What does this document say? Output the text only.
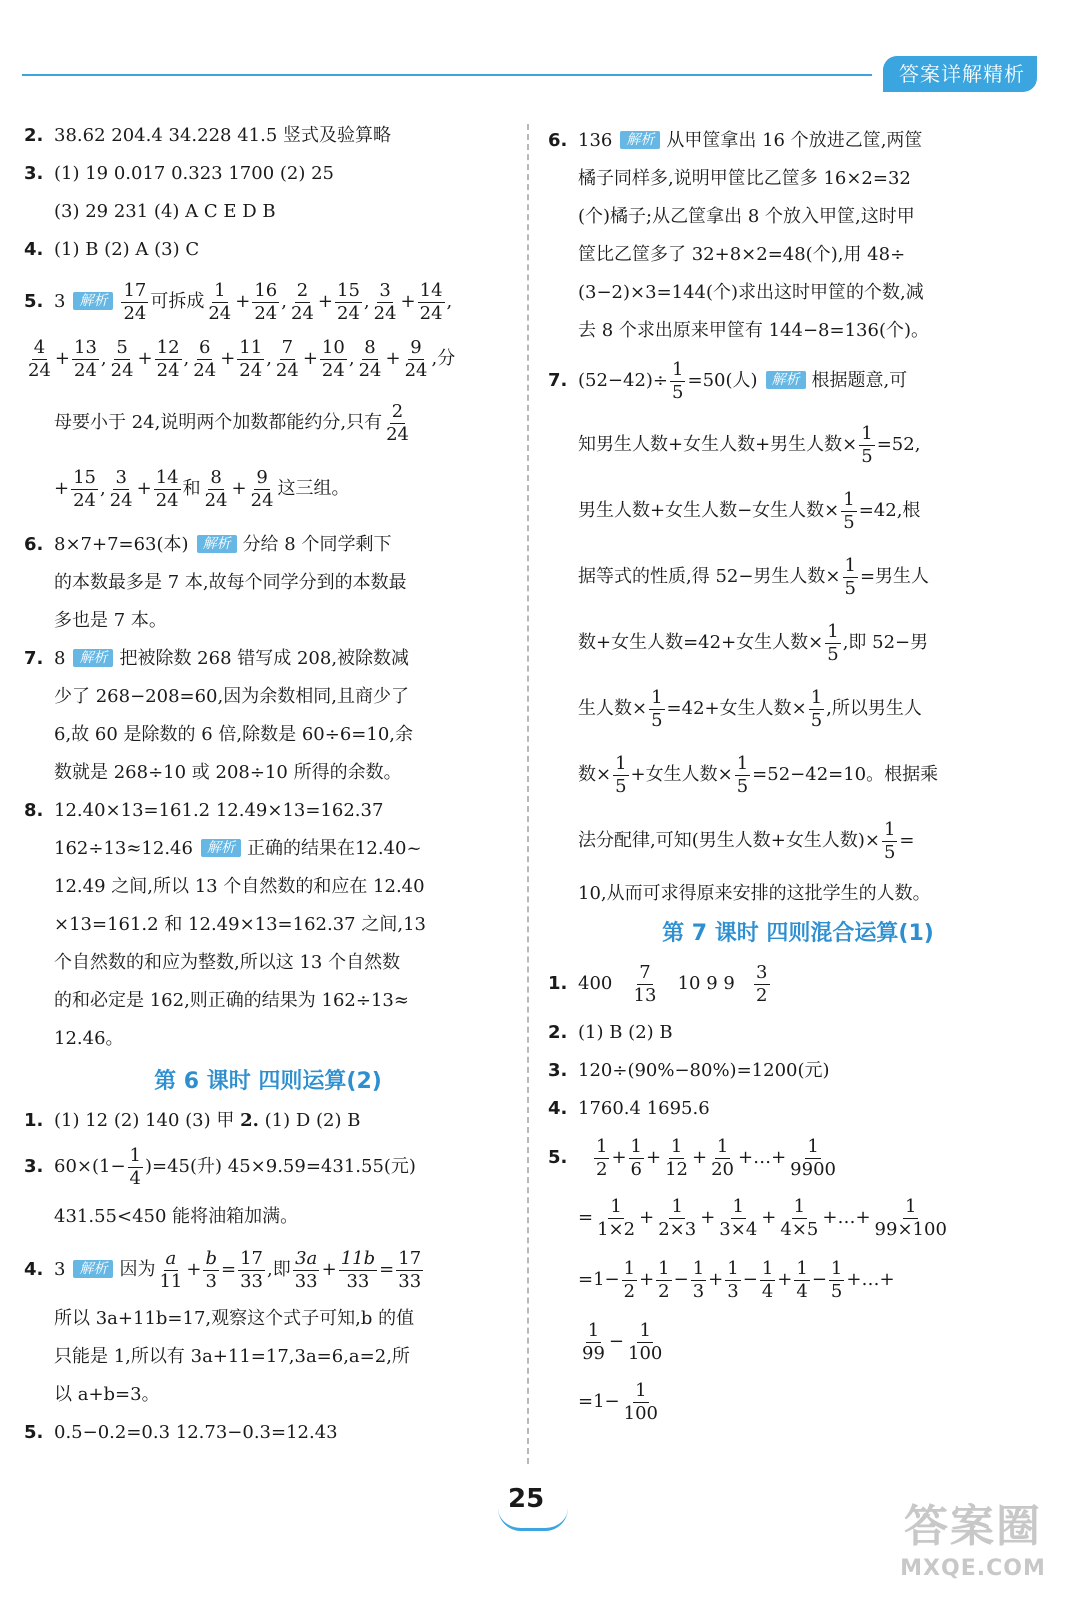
答案详解精析
2. 38.62 204.4 34.228 41.5 竖式及验算略
3. (1) 19 0.017 0.323 1700 (2) 25
(3) 29 231 (4) A C E D B
4. (1) B (2) A (3) C
5. 3 解析 $\frac{17}{24}$ 可拆成 $\frac{1}{24} + \frac{16}{24}$ , $\frac{2}{24} + \frac{15}{24}$ , $\frac{3}{24} + \frac{14}{24}$ ,
$\frac{4}{24} + \frac{13}{24}$ , $\frac{5}{24} + \frac{12}{24}$ , $\frac{6}{24} + \frac{11}{24}$ , $\frac{7}{24} + \frac{10}{24}$ , $\frac{8}{24} + \frac{9}{24}$ ,分
母要小于 24,说明两个加数都能约分,只有 $\frac{2}{24}$
+ $\frac{15}{24}$ , $\frac{3}{24} + \frac{14}{24}$ 和 $\frac{8}{24} + \frac{9}{24}$ 这三组。
6. 8×7+7=63(本) 解析 分给 8 个同学剩下
的本数最多是 7 本,故每个同学分到的本数最
多也是 7 本。
7. 8 解析 把被除数 268 错写成 208,被除数减
少了 268−208=60,因为余数相同,且商少了
6,故 60 是除数的 6 倍,除数是 60÷6=10,余
数就是 268÷10 或 208÷10 所得的余数。
8. 12.40×13=161.2 12.49×13=162.37
162÷13≈12.46 解析 正确的结果在12.40~
12.49 之间,所以 13 个自然数的和应在 12.40
×13=161.2 和 12.49×13=162.37 之间,13
个自然数的和应为整数,所以这 13 个自然数
的和必定是 162,则正确的结果为 162÷13≈
12.46。
第 6 课时 四则运算(2)
1. (1) 12 (2) 140 (3) 甲 2. (1) D (2) B
3. $60\times(1- \frac{1}{4} )=45$(升) 45×9.59=431.55(元)
431.55<450 能将油箱加满。
4. 3 解析 因为 $\frac{a}{11} + \frac{b}{3} = \frac{17}{33}$ ,即 $\frac{3a}{33} + \frac{11b}{33} = \frac{17}{33}$
所以 3a+11b=17,观察这个式子可知,b 的值
只能是 1,所以有 3a+11=17,3a=6,a=2,所
以 a+b=3。
5. 0.5−0.2=0.3 12.73−0.3=12.43
6. 136 解析 从甲筐拿出 16 个放进乙筐,两筐
橘子同样多,说明甲筐比乙筐多 16×2=32
(个)橘子;从乙筐拿出 8 个放入甲筐,这时甲
筐比乙筐多了 32+8×2=48(个),用 48÷
(3−2)×3=144(个)求出这时甲筐的个数,减
去 8 个求出原来甲筐有 144−8=136(个)。
7. $(52-42)\div \frac{1}{5} =50$(人) 解析 根据题意,可
知男生人数+女生人数+男生人数× $\frac{1}{5} =52$,
男生人数+女生人数−女生人数× $\frac{1}{5} =42$,根
据等式的性质,得 52−男生人数× $\frac{1}{5}$ =男生人
数+女生人数=42+女生人数× $\frac{1}{5}$ ,即 52−男
生人数× $\frac{1}{5} =42+$女生人数× $\frac{1}{5}$ ,所以男生人
数× $\frac{1}{5}$ +女生人数× $\frac{1}{5} =52-42=10$。根据乘
法分配律,可知(男生人数+女生人数)× $\frac{1}{5}$ =
10,从而可求得原来安排的这批学生的人数。
第 7 课时 四则混合运算(1)
1. $400 \frac{7}{13} 10$ 9 $9 \frac{3}{2}$
2. (1) B (2) B
3. 120÷(90%−80%)=1200(元)
4. 1760.4 1695.6
5. $\frac{1}{2} + \frac{1}{6} + \frac{1}{12} + \frac{1}{20}$ +…+ $\frac{1}{9900}$
= $\frac{1}{1\times 2} + \frac{1}{2\times 3} + \frac{1}{3\times 4} + \frac{1}{4\times 5}$ +…+ $\frac{1}{99\times 100}$
$=1- \frac{1}{2} + \frac{1}{2} - \frac{1}{3} + \frac{1}{3} - \frac{1}{4} + \frac{1}{4} - \frac{1}{5}$ +…+
$\frac{1}{99} - \frac{1}{100}$
$=1- \frac{1}{100}$
25
答案圈
MXQE.COM
